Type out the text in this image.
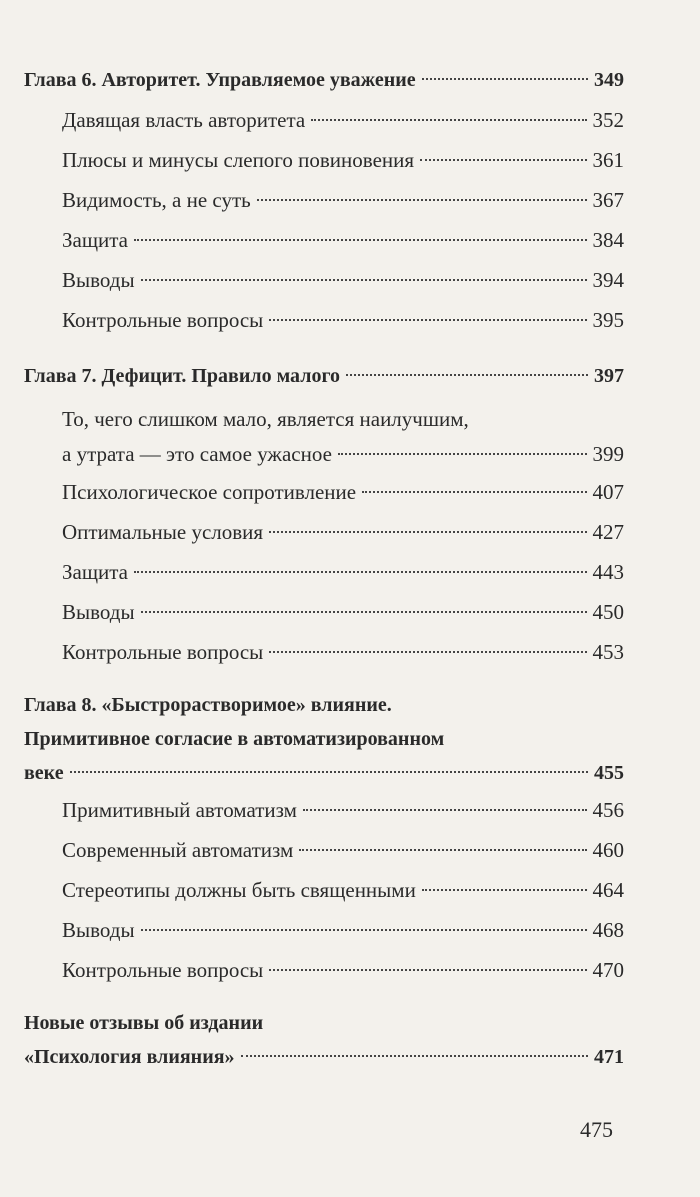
Глава 6. Авторитет. Управляемое уважение	349
Давящая власть авторитета	352
Плюсы и минусы слепого повиновения	361
Видимость, а не суть	367
Защита	384
Выводы	394
Контрольные вопросы	395
Глава 7. Дефицит. Правило малого	397
То, чего слишком мало, является наилучшим,
а утрата — это самое ужасное	399
Психологическое сопротивление	407
Оптимальные условия	427
Защита	443
Выводы	450
Контрольные вопросы	453
Глава 8. «Быстрорастворимое» влияние.
Примитивное согласие в автоматизированном
веке	455
Примитивный автоматизм	456
Современный автоматизм	460
Стереотипы должны быть священными	464
Выводы	468
Контрольные вопросы	470
Новые отзывы об издании
«Психология влияния»	471
475
